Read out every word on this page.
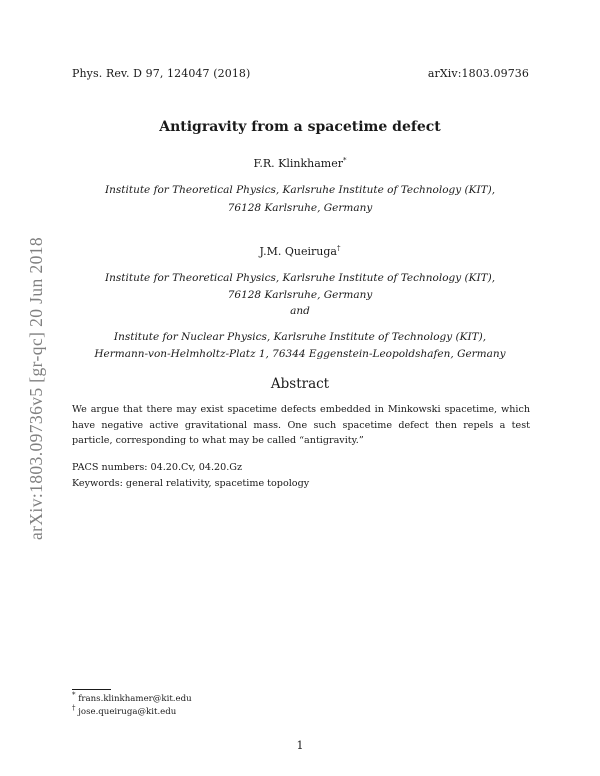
Phys. Rev. D 97, 124047 (2018)	arXiv:1803.09736
arXiv:1803.09736v5 [gr-qc] 20 Jun 2018
Antigravity from a spacetime defect
F.R. Klinkhamer*
Institute for Theoretical Physics, Karlsruhe Institute of Technology (KIT),
76128 Karlsruhe, Germany
J.M. Queiruga†
Institute for Theoretical Physics, Karlsruhe Institute of Technology (KIT),
76128 Karlsruhe, Germany
and
Institute for Nuclear Physics, Karlsruhe Institute of Technology (KIT),
Hermann-von-Helmholtz-Platz 1, 76344 Eggenstein-Leopoldshafen, Germany
Abstract
We argue that there may exist spacetime defects embedded in Minkowski spacetime, which have negative active gravitational mass. One such spacetime defect then repels a test particle, corresponding to what may be called “antigravity.”
PACS numbers: 04.20.Cv, 04.20.Gz
Keywords: general relativity, spacetime topology
* frans.klinkhamer@kit.edu
† jose.queiruga@kit.edu
1
